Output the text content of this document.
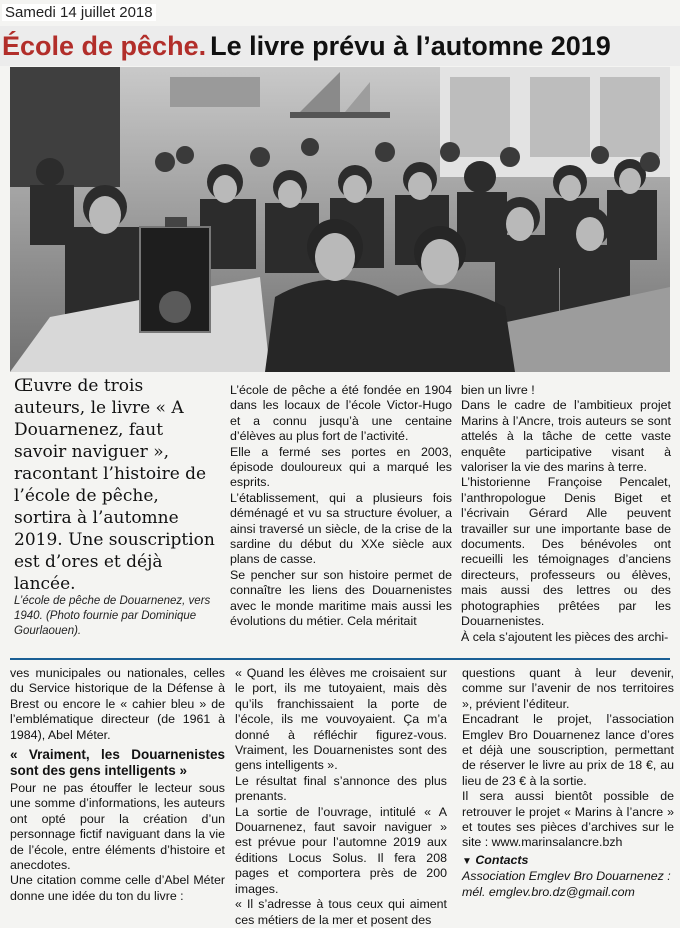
Samedi 14 juillet 2018
École de pêche. Le livre prévu à l’automne 2019
Œuvre de trois auteurs, le livre « A Douarnenez, faut savoir naviguer », racontant l’histoire de l’école de pêche, sortira à l’automne 2019. Une souscription est d’ores et déjà lancée.
L’école de pêche de Douarnenez, vers 1940. (Photo fournie par Dominique Gourlaouen).

L’école de pêche a été fondée en 1904 dans les locaux de l’école Victor-Hugo et a connu jusqu’à une centaine d’élèves au plus fort de l’activité.

Elle a fermé ses portes en 2003, épisode douloureux qui a marqué les esprits.

L’établissement, qui a plusieurs fois déménagé et vu sa structure évoluer, a ainsi traversé un siècle, de la crise de la sardine du début du XXe siècle aux plans de casse.

Se pencher sur son histoire permet de connaître les liens des Douarnenistes avec le monde maritime mais aussi les évolutions du métier. Cela méritait

bien un livre !

Dans le cadre de l’ambitieux projet Marins à l’Ancre, trois auteurs se sont attelés à la tâche de cette vaste enquête participative visant à valoriser la vie des marins à terre.

L’historienne Françoise Pencalet, l’anthropologue Denis Biget et l’écrivain Gérard Alle peuvent travailler sur une importante base de documents. Des bénévoles ont recueilli les témoignages d’anciens directeurs, professeurs ou élèves, mais aussi des lettres ou des photographies prêtées par les Douarnenistes.

À cela s’ajoutent les pièces des archi-

ves municipales ou nationales, celles du Service historique de la Défense à Brest ou encore le « cahier bleu » de l’emblématique directeur (de 1961 à 1984), Abel Méter.

« Vraiment, les Douarnenistes sont des gens intelligents »

Pour ne pas étouffer le lecteur sous une somme d’informations, les auteurs ont opté pour la création d’un personnage fictif naviguant dans la vie de l’école, entre éléments d’histoire et anecdotes.

Une citation comme celle d’Abel Méter donne une idée du ton du livre :

« Quand les élèves me croisaient sur le port, ils me tutoyaient, mais dès qu’ils franchissaient la porte de l’école, ils me vouvoyaient. Ça m’a donné à réfléchir figurez-vous. Vraiment, les Douarnenistes sont des gens intelligents ».

Le résultat final s’annonce des plus prenants.

La sortie de l’ouvrage, intitulé « A Douarnenez, faut savoir naviguer » est prévue pour l’automne 2019 aux éditions Locus Solus. Il fera 208 pages et comportera près de 200 images.

« Il s’adresse à tous ceux qui aiment ces métiers de la mer et posent des

questions quant à leur devenir, comme sur l’avenir de nos territoires », prévient l’éditeur.

Encadrant le projet, l’association Emglev Bro Douarnenez lance d’ores et déjà une souscription, permettant de réserver le livre au prix de 18 €, au lieu de 23 € à la sortie.

Il sera aussi bientôt possible de retrouver le projet « Marins à l’ancre » et toutes ses pièces d’archives sur le site : www.marinsalancre.bzh

▼ Contacts

Association Emglev Bro Douarnenez :

mél. emglev.bro.dz@gmail.com
